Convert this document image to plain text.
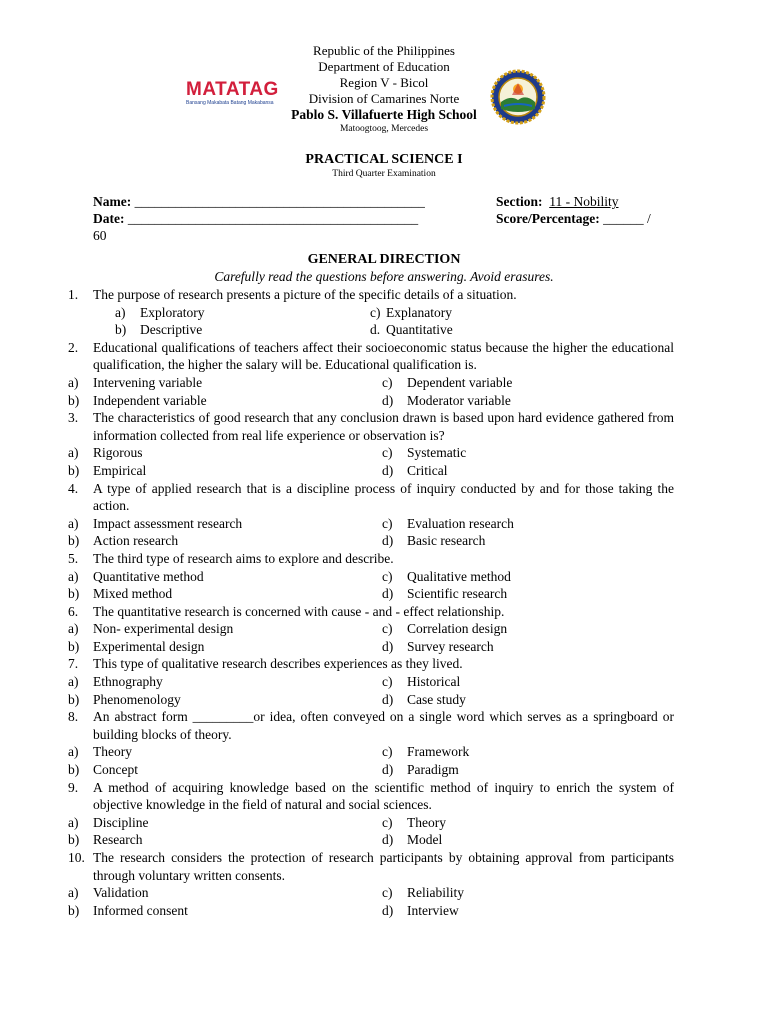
MATATAG
Bansang Makabata Batang Makabansa
Republic of the Philippines
Department of Education
Region V - Bicol
Division of Camarines Norte
Pablo S. Villafuerte High School
Matoogtoog, Mercedes
PRACTICAL SCIENCE I
Third Quarter Examination
Name: ___________________________________________	Section: 11 - Nobility
Date: ___________________________________________	Score/Percentage: ______ /
60
GENERAL DIRECTION
Carefully read the questions before answering. Avoid erasures.
1. The purpose of research presents a picture of the specific details of a situation.
a) Exploratory	c) Explanatory
b) Descriptive	d. Quantitative
2. Educational qualifications of teachers affect their socioeconomic status because the higher the educational qualification, the higher the salary will be. Educational qualification is.
a) Intervening variable	c) Dependent variable
b) Independent variable	d) Moderator variable
3. The characteristics of good research that any conclusion drawn is based upon hard evidence gathered from information collected from real life experience or observation is?
a) Rigorous	c) Systematic
b) Empirical	d) Critical
4. A type of applied research that is a discipline process of inquiry conducted by and for those taking the action.
a) Impact assessment research	c) Evaluation research
b) Action research	d) Basic research
5. The third type of research aims to explore and describe.
a) Quantitative method	c) Qualitative method
b) Mixed method	d) Scientific research
6. The quantitative research is concerned with cause - and - effect relationship.
a) Non- experimental design	c) Correlation design
b) Experimental design	d) Survey research
7. This type of qualitative research describes experiences as they lived.
a) Ethnography	c) Historical
b) Phenomenology	d) Case study
8. An abstract form _________or idea, often conveyed on a single word which serves as a springboard or building blocks of theory.
a) Theory	c) Framework
b) Concept	d) Paradigm
9. A method of acquiring knowledge based on the scientific method of inquiry to enrich the system of objective knowledge in the field of natural and social sciences.
a) Discipline	c) Theory
b) Research	d) Model
10. The research considers the protection of research participants by obtaining approval from participants through voluntary written consents.
a) Validation	c) Reliability
b) Informed consent	d) Interview
